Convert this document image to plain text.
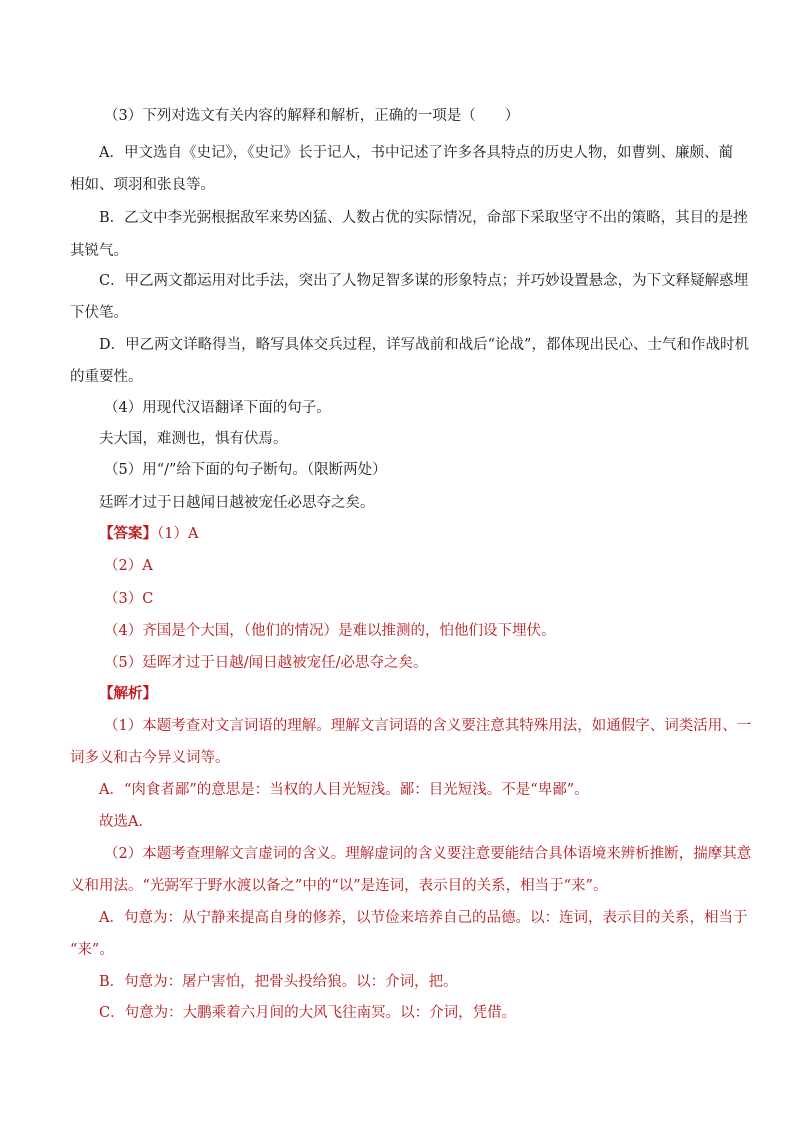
（3）下列对选文有关内容的解释和解析，正确的一项是（　　）
A．甲文选自《史记》，《史记》长于记人，书中记述了许多各具特点的历史人物，如曹刿、廉颇、蔺
相如、项羽和张良等。
B．乙文中李光弼根据敌军来势凶猛、人数占优的实际情况，命部下采取坚守不出的策略，其目的是挫
其锐气。
C．甲乙两文都运用对比手法，突出了人物足智多谋的形象特点；并巧妙设置悬念，为下文释疑解惑埋
下伏笔。
D．甲乙两文详略得当，略写具体交兵过程，详写战前和战后“论战”，都体现出民心、士气和作战时机
的重要性。
（4）用现代汉语翻译下面的句子。
夫大国，难测也，惧有伏焉。
（5）用“/”给下面的句子断句。（限断两处）
廷晖才过于日越闻日越被宠任必思夺之矣。
【答案】（1）A
（2）A
（3）C
（4）齐国是个大国，（他们的情况）是难以推测的，怕他们设下埋伏。
（5）廷晖才过于日越/闻日越被宠任/必思夺之矣。
【解析】
（1）本题考查对文言词语的理解。理解文言词语的含义要注意其特殊用法，如通假字、词类活用、一
词多义和古今异义词等。
A．“肉食者鄙”的意思是：当权的人目光短浅。鄙：目光短浅。不是“卑鄙”。
故选A．
（2）本题考查理解文言虚词的含义。理解虚词的含义要注意要能结合具体语境来辨析推断，揣摩其意
义和用法。“光弼军于野水渡以备之”中的“以”是连词，表示目的关系，相当于“来”。
A．句意为：从宁静来提高自身的修养，以节俭来培养自己的品德。以：连词，表示目的关系，相当于
“来”。
B．句意为：屠户害怕，把骨头投给狼。以：介词，把。
C．句意为：大鹏乘着六月间的大风飞往南冥。以：介词，凭借。
